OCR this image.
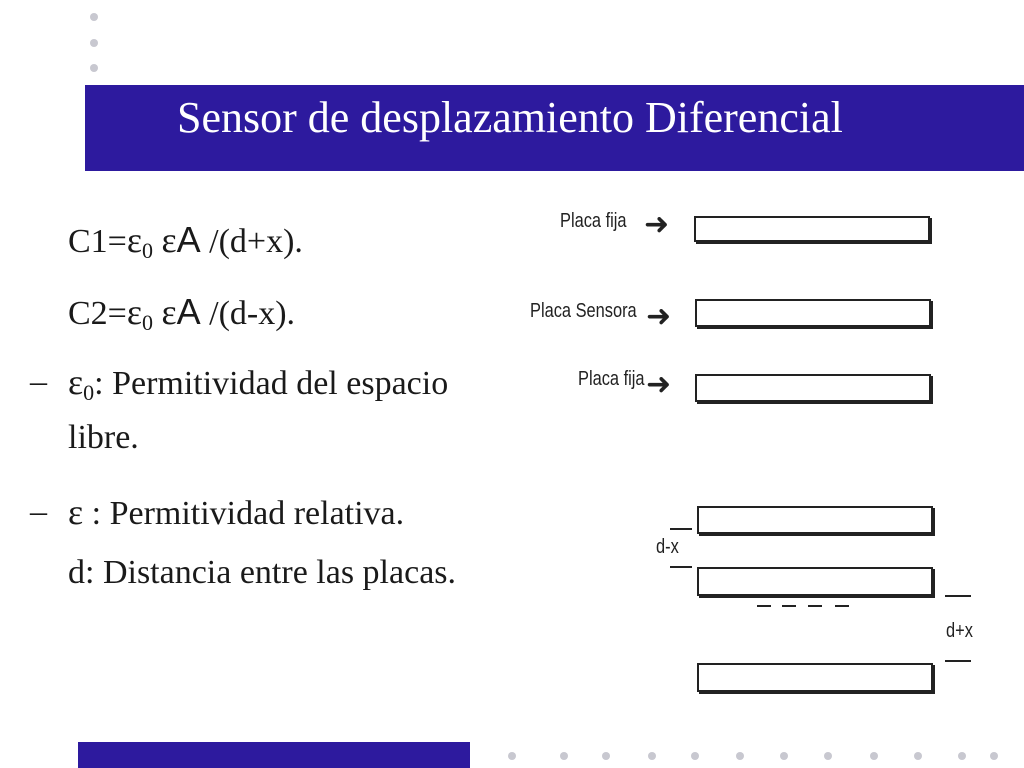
Sensor de desplazamiento Diferencial
$C1=\varepsilon_0$ εA /(d+x).
$C2=\varepsilon_0$ εA /(d-x).
– $\varepsilon_0$: Permitividad del espacio
libre.
– ε : Permitividad relativa.
d: Distancia entre las placas.
Placa fija ➜
Placa Sensora ➜
Placa fija ➜
d-x
d+x
